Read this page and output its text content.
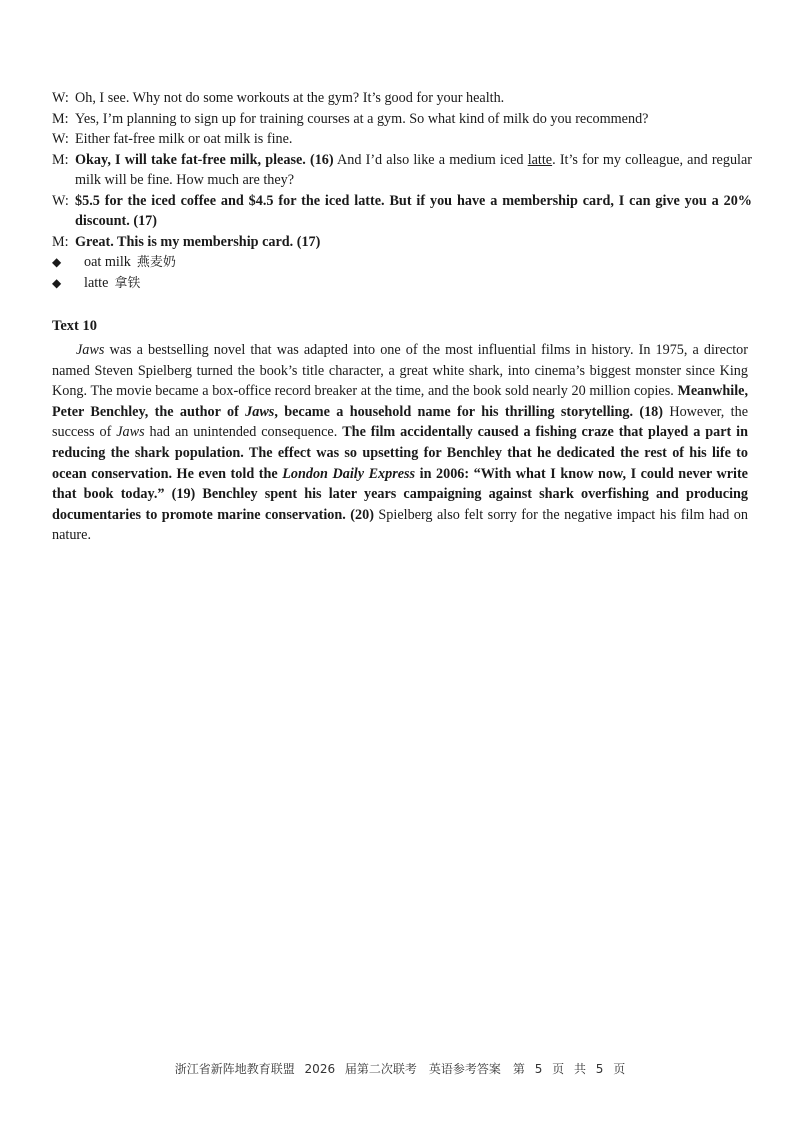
W: Oh, I see. Why not do some workouts at the gym? It’s good for your health.
M: Yes, I’m planning to sign up for training courses at a gym. So what kind of milk do you recommend?
W: Either fat-free milk or oat milk is fine.
M: Okay, I will take fat-free milk, please. (16) And I’d also like a medium iced latte. It’s for my colleague, and regular milk will be fine. How much are they?
W: $5.5 for the iced coffee and $4.5 for the iced latte. But if you have a membership card, I can give you a 20% discount. (17)
M: Great. This is my membership card. (17)
◆ oat milk 燕麦奶
◆ latte 拿铁
Text 10
Jaws was a bestselling novel that was adapted into one of the most influential films in history. In 1975, a director named Steven Spielberg turned the book’s title character, a great white shark, into cinema’s biggest monster since King Kong. The movie became a box-office record breaker at the time, and the book sold nearly 20 million copies. Meanwhile, Peter Benchley, the author of Jaws, became a household name for his thrilling storytelling. (18) However, the success of Jaws had an unintended consequence. The film accidentally caused a fishing craze that played a part in reducing the shark population. The effect was so upsetting for Benchley that he dedicated the rest of his life to ocean conservation. He even told the London Daily Express in 2006: “With what I know now, I could never write that book today.” (19) Benchley spent his later years campaigning against shark overfishing and producing documentaries to promote marine conservation. (20) Spielberg also felt sorry for the negative impact his film had on nature.
浙江省新阵地教育联盟 2026 届第二次联考　英语参考答案　第 5 页 共 5 页
